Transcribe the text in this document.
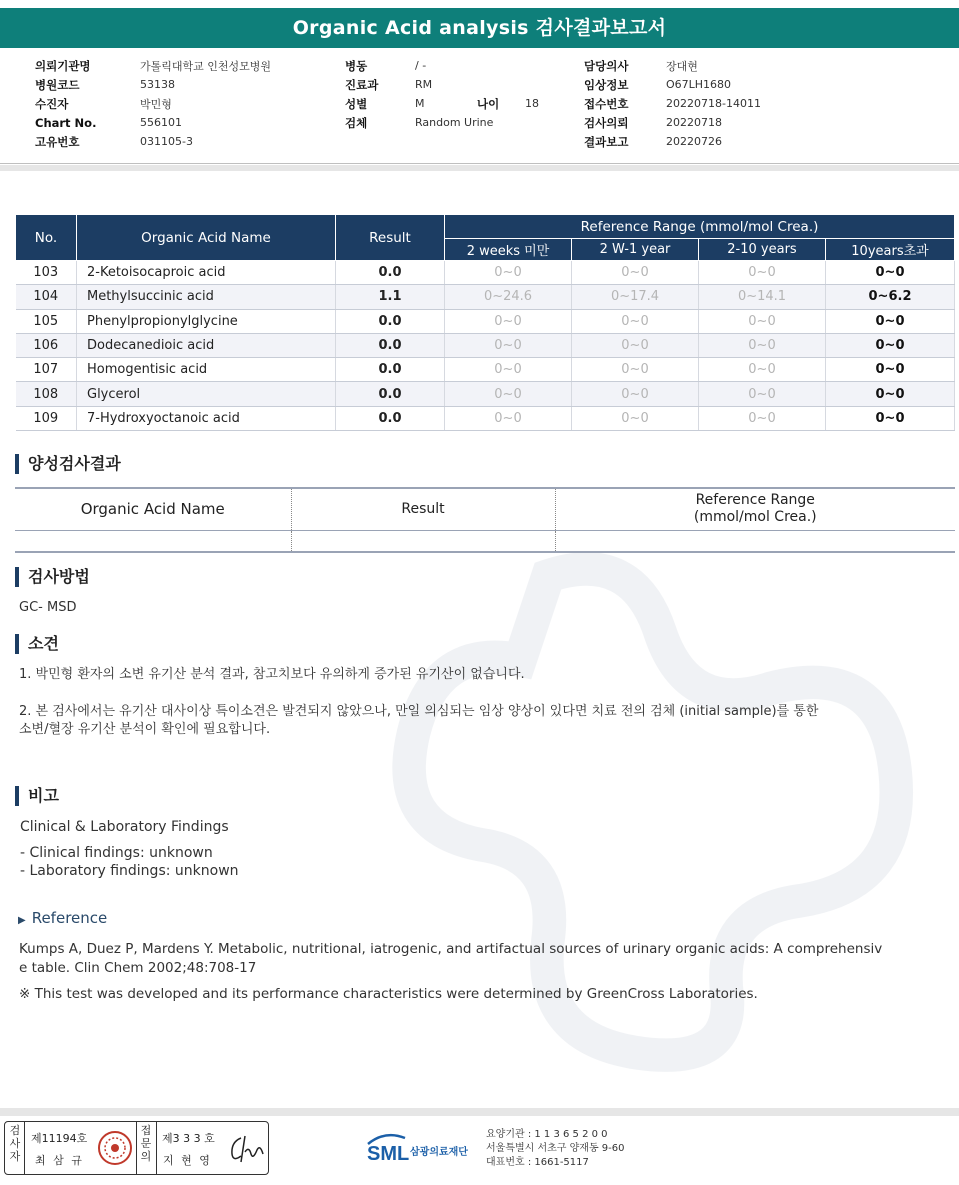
Organic Acid analysis 검사결과보고서
의뢰기관명	가톨릭대학교 인천성모병원
병원코드	53138
수진자	박민형
Chart No.	556101
고유번호	031105-3
병동	/ -
진료과	RM
성별	M	나이	18
검체	Random Urine
담당의사	장대현
임상정보	O67LH1680
접수번호	20220718-14011
검사의뢰	20220718
결과보고	20220726
No.	Organic Acid Name	Result	Reference Range (mmol/mol Crea.)			
			2 weeks 미만	2 W-1 year	2-10 years	10years초과
103	2-Ketoisocaproic acid	0.0	0~0	0~0	0~0	0~0
104	Methylsuccinic acid	1.1	0~24.6	0~17.4	0~14.1	0~6.2
105	Phenylpropionylglycine	0.0	0~0	0~0	0~0	0~0
106	Dodecanedioic acid	0.0	0~0	0~0	0~0	0~0
107	Homogentisic acid	0.0	0~0	0~0	0~0	0~0
108	Glycerol	0.0	0~0	0~0	0~0	0~0
109	7-Hydroxyoctanoic acid	0.0	0~0	0~0	0~0	0~0
양성검사결과
Organic Acid Name	Result	Reference Range
(mmol/mol Crea.)

검사방법
GC- MSD
소견
1. 박민형 환자의 소변 유기산 분석 결과, 참고치보다 유의하게 증가된 유기산이 없습니다.
2. 본 검사에서는 유기산 대사이상 특이소견은 발견되지 않았으나, 만일 의심되는 임상 양상이 있다면 치료 전의 검체 (initial sample)를 통한
소변/혈장 유기산 분석이 확인에 필요합니다.
비고
Clinical & Laboratory Findings
- Clinical findings: unknown
- Laboratory findings: unknown
▶ Reference
Kumps A, Duez P, Mardens Y. Metabolic, nutritional, iatrogenic, and artifactual sources of urinary organic acids: A comprehensiv
e table. Clin Chem 2002;48:708-17
※ This test was developed and its performance characteristics were determined by GreenCross Laboratories.
검
사
자
제11194호
최 삼 규
접
문
의
제3 3 3 호
지 현 영	SML 삼광의료재단
요양기관 : 1 1 3 6 5 2 0 0
서울특별시 서초구 양재동 9-60
대표번호 : 1661-5117
